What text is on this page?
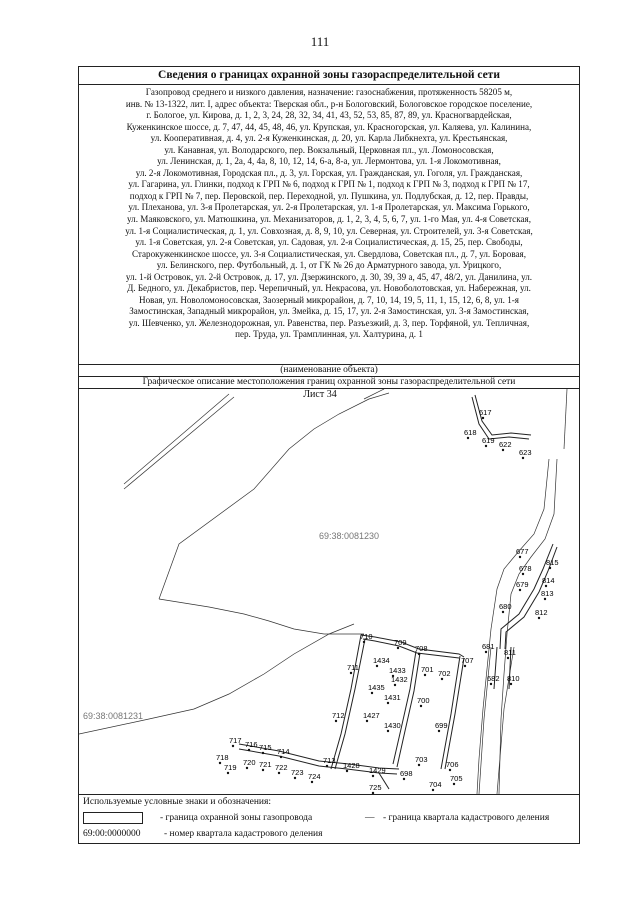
111
Сведения о границах охранной зоны газораспределительной сети
Газопровод среднего и низкого давления, назначение: газоснабжения, протяженность 58205 м,
инв. № 13-1322, лит. I, адрес объекта: Тверская обл., р-н Бологовский, Бологовское городское поселение,
г. Бологое, ул. Кирова, д. 1, 2, 3, 24, 28, 32, 34, 41, 43, 52, 53, 85, 87, 89, ул. Красногвардейская,
Куженкинское шоссе, д. 7, 47, 44, 45, 48, 46, ул. Крупская, ул. Красногорская, ул. Каляева, ул. Калинина,
ул. Кооперативная, д. 4, ул. 2-я Куженкинская, д. 20, ул. Карла Либкнехта, ул. Крестьянская,
ул. Канавная, ул. Володарского, пер. Вокзальный, Церковная пл., ул. Ломоносовская,
ул. Ленинская, д. 1, 2а, 4, 4а, 8, 10, 12, 14, 6-а, 8-а, ул. Лермонтова, ул. 1-я Локомотивная,
ул. 2-я Локомотивная, Городская пл., д. 3, ул. Горская, ул. Гражданская, ул. Гоголя, ул. Гражданская,
ул. Гагарина, ул. Глинки, подход к ГРП № 6, подход к ГРП № 1, подход к ГРП № 3, подход к ГРП № 17,
подход к ГРП № 7, пер. Перовской, пер. Переходной, ул. Пушкина, ул. Подлубская, д. 12, пер. Правды,
ул. Плеханова, ул. 3-я Пролетарская, ул. 2-я Пролетарская, ул. 1-я Пролетарская, ул. Максима Горького,
ул. Маяковского, ул. Матюшкина, ул. Механизаторов, д. 1, 2, 3, 4, 5, 6, 7, ул. 1-го Мая, ул. 4-я Советская,
ул. 1-я Социалистическая, д. 1, ул. Совхозная, д. 8, 9, 10, ул. Северная, ул. Строителей, ул. 3-я Советская,
ул. 1-я Советская, ул. 2-я Советская, ул. Садовая, ул. 2-я Социалистическая, д. 15, 25, пер. Свободы,
Старокуженкинское шоссе, ул. 3-я Социалистическая, ул. Свердлова, Советская пл., д. 7, ул. Боровая,
ул. Белинского, пер. Футбольный, д. 1, от ГК № 26 до Арматурного завода, ул. Урицкого,
ул. 1-й Островок, ул. 2-й Островок, д. 17, ул. Дзержинского, д. 30, 39, 39 а, 45, 47, 48/2, ул. Данилина, ул.
Д. Бедного, ул. Декабристов, пер. Черепичный, ул. Некрасова, ул. Новоболотовская, ул. Набережная, ул.
Новая, ул. Новоломоносовская, Заозерный микрорайон, д. 7, 10, 14, 19, 5, 11, 1, 15, 12, 6, 8, ул. 1-я
Замостинская, Западный микрорайон, ул. Змейка, д. 15, 17, ул. 2-я Замостинская, ул. 3-я Замостинская,
ул. Шевченко, ул. Железнодорожная, ул. Равенства, пер. Разъезжий, д. 3, пер. Торфяной, ул. Тепличная,
пер. Труда, ул. Трамплинная, ул. Халтурина, д. 1
(наименование объекта)
Графическое описание местоположения границ охранной зоны газораспределительной сети
Лист 34
69:38:0081230
69:38:0081231
617
618
619 622
623
677
678
679
680
681
682
815
814
813
812
811
810
710
709
708
707
702
701
1434
1433
1432
711
1435
1431 700
712 1427
1430	699
717 716 715 714
718
719
720 721 722
723 724
713
1428
1429 698
725
703
706
705
704
Используемые условные знаки и обозначения:
- граница охранной зоны газопровода	— - граница квартала кадастрового деления
69:00:0000000 - номер квартала кадастрового деления
